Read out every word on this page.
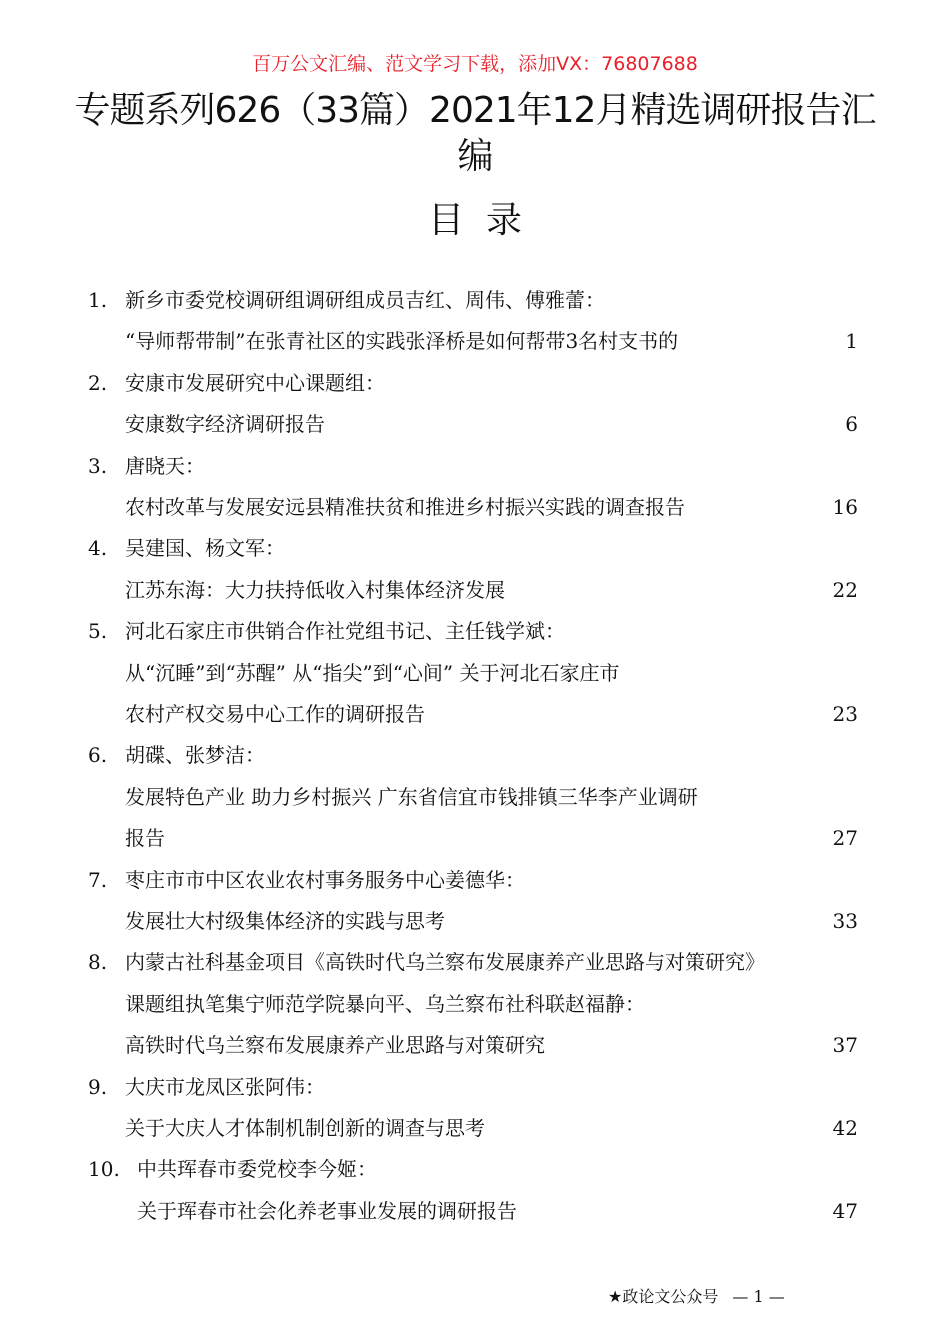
百万公文汇编、范文学习下载，添加VX：76807688
专题系列626（33篇）2021年12月精选调研报告汇编
目录
1. 新乡市委党校调研组调研组成员吉红、周伟、傅雅蕾：
“导师帮带制”在张青社区的实践张泽桥是如何帮带3名村支书的	1
2. 安康市发展研究中心课题组：
安康数字经济调研报告	6
3. 唐晓天：
农村改革与发展安远县精准扶贫和推进乡村振兴实践的调查报告	16
4. 吴建国、杨文军：
江苏东海：大力扶持低收入村集体经济发展	22
5. 河北石家庄市供销合作社党组书记、主任钱学斌：
从“沉睡”到“苏醒” 从“指尖”到“心间” 关于河北石家庄市
农村产权交易中心工作的调研报告	23
6. 胡碟、张梦洁：
发展特色产业 助力乡村振兴 广东省信宜市钱排镇三华李产业调研
报告	27
7. 枣庄市市中区农业农村事务服务中心姜德华：
发展壮大村级集体经济的实践与思考	33
8. 内蒙古社科基金项目《高铁时代乌兰察布发展康养产业思路与对策研究》
课题组执笔集宁师范学院暴向平、乌兰察布社科联赵福静：
高铁时代乌兰察布发展康养产业思路与对策研究	37
9. 大庆市龙凤区张阿伟：
关于大庆人才体制机制创新的调查与思考	42
10. 中共珲春市委党校李今姬：
关于珲春市社会化养老事业发展的调研报告	47
★政论文公众号 — 1 —
